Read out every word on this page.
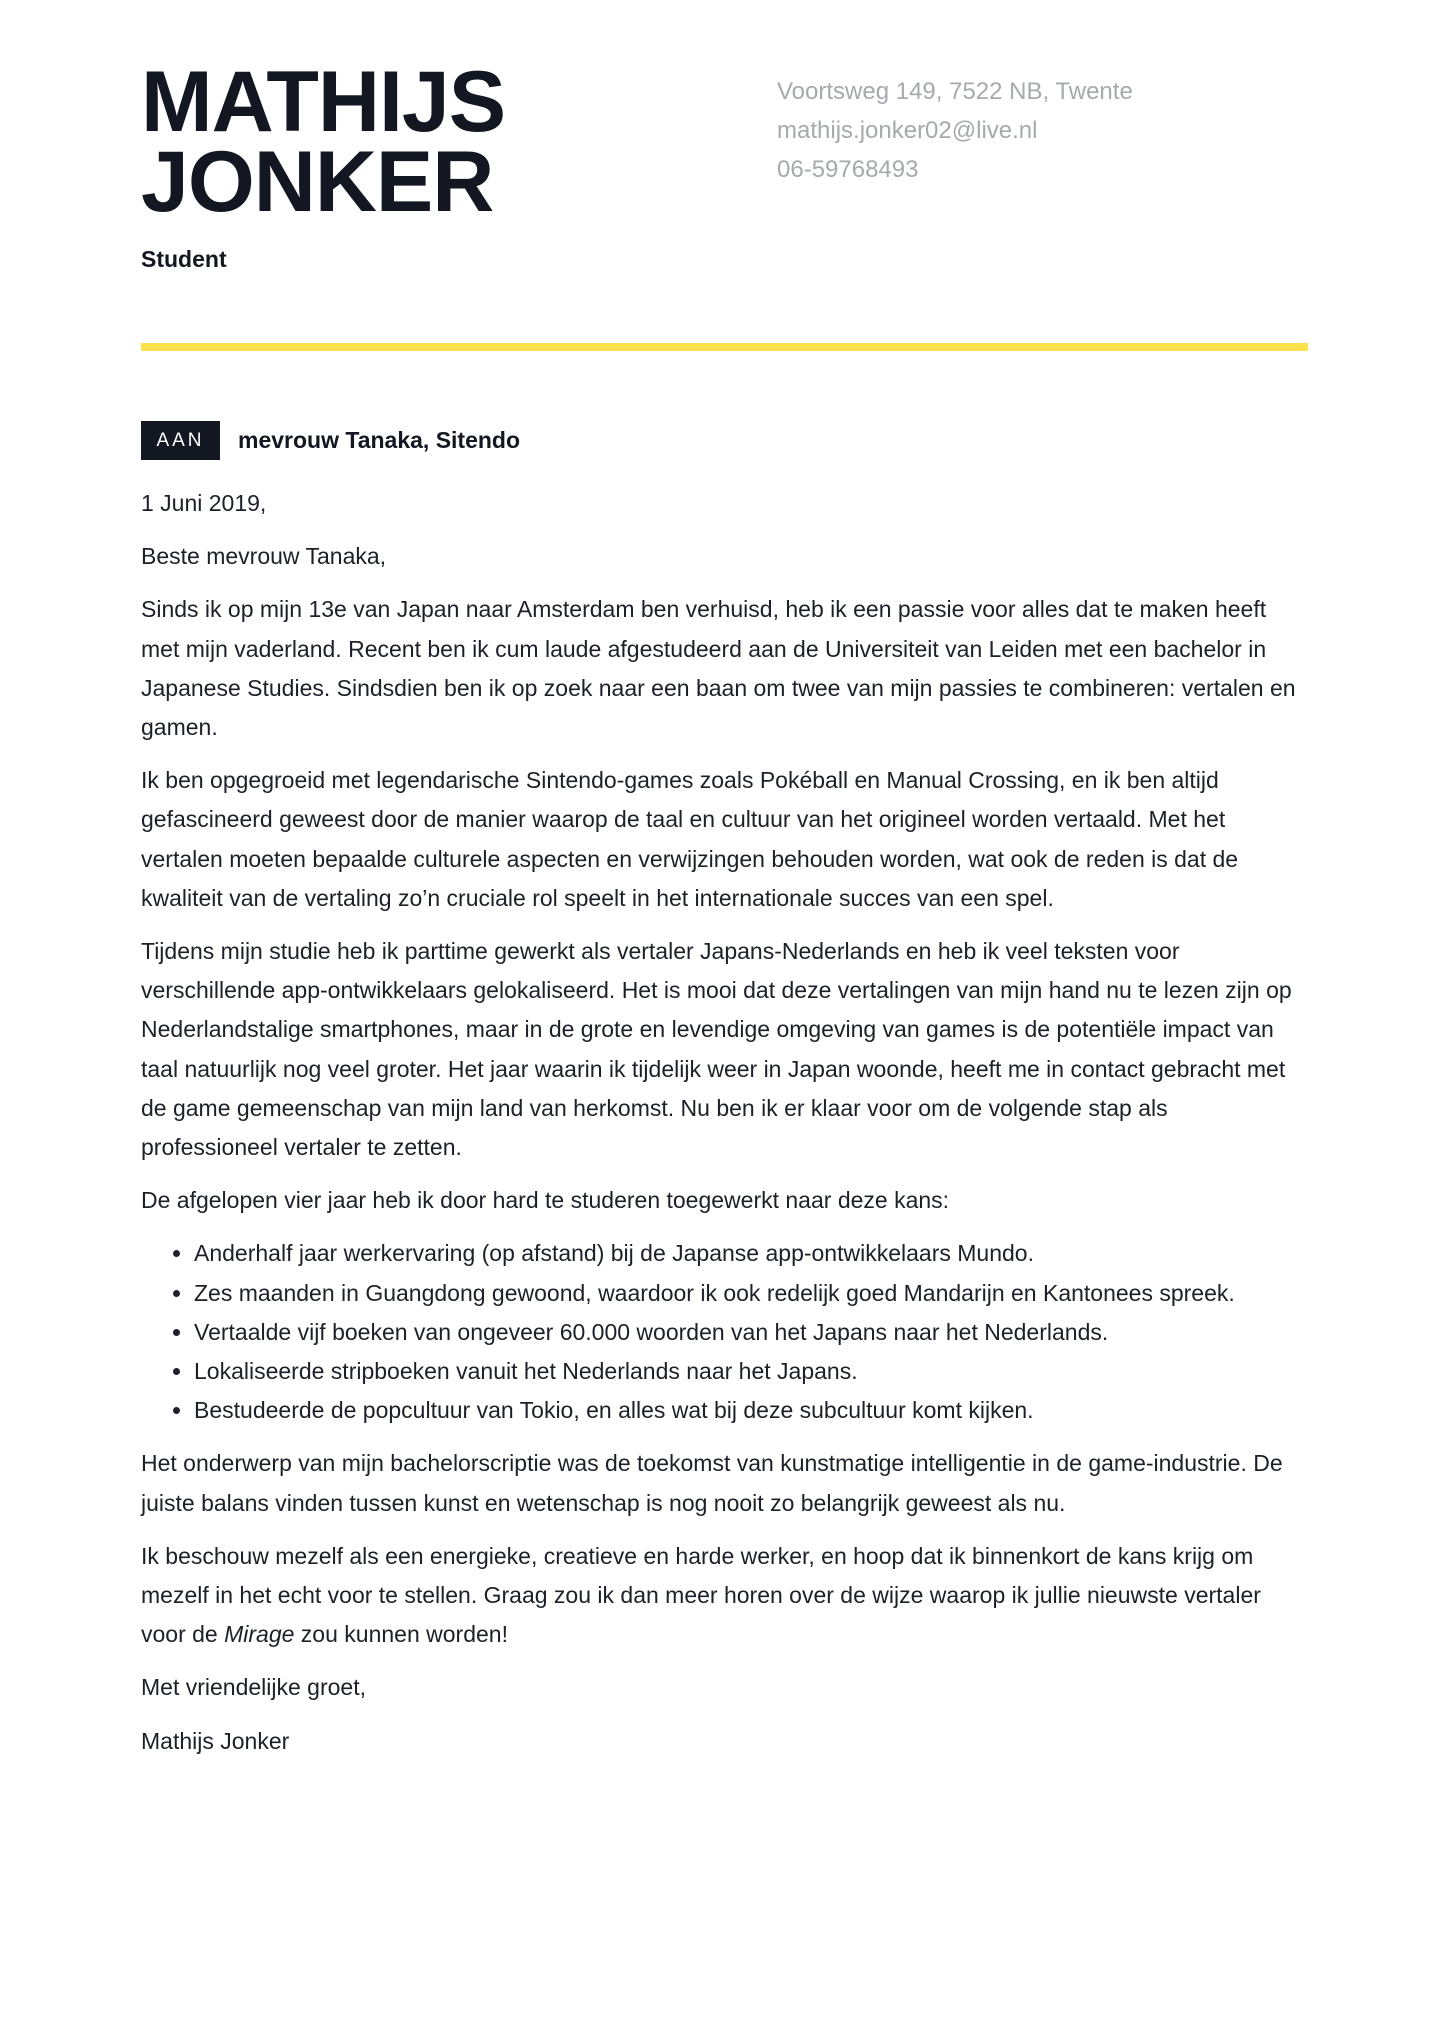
MATHIJS
JONKER
Student
Voortsweg 149, 7522 NB, Twente
mathijs.jonker02@live.nl
06-59768493
AAN	mevrouw Tanaka, Sitendo

1 Juni 2019,

Beste mevrouw Tanaka,

Sinds ik op mijn 13e van Japan naar Amsterdam ben verhuisd, heb ik een passie voor alles dat te maken heeft met mijn vaderland. Recent ben ik cum laude afgestudeerd aan de Universiteit van Leiden met een bachelor in Japanese Studies. Sindsdien ben ik op zoek naar een baan om twee van mijn passies te combineren: vertalen en gamen.

Ik ben opgegroeid met legendarische Sintendo-games zoals Pokéball en Manual Crossing, en ik ben altijd gefascineerd geweest door de manier waarop de taal en cultuur van het origineel worden vertaald. Met het vertalen moeten bepaalde culturele aspecten en verwijzingen behouden worden, wat ook de reden is dat de kwaliteit van de vertaling zo’n cruciale rol speelt in het internationale succes van een spel.

Tijdens mijn studie heb ik parttime gewerkt als vertaler Japans-Nederlands en heb ik veel teksten voor verschillende app-ontwikkelaars gelokaliseerd. Het is mooi dat deze vertalingen van mijn hand nu te lezen zijn op Nederlandstalige smartphones, maar in de grote en levendige omgeving van games is de potentiële impact van taal natuurlijk nog veel groter. Het jaar waarin ik tijdelijk weer in Japan woonde, heeft me in contact gebracht met de game gemeenschap van mijn land van herkomst. Nu ben ik er klaar voor om de volgende stap als professioneel vertaler te zetten.

De afgelopen vier jaar heb ik door hard te studeren toegewerkt naar deze kans:

• Anderhalf jaar werkervaring (op afstand) bij de Japanse app-ontwikkelaars Mundo.
• Zes maanden in Guangdong gewoond, waardoor ik ook redelijk goed Mandarijn en Kantonees spreek.
• Vertaalde vijf boeken van ongeveer 60.000 woorden van het Japans naar het Nederlands.
• Lokaliseerde stripboeken vanuit het Nederlands naar het Japans.
• Bestudeerde de popcultuur van Tokio, en alles wat bij deze subcultuur komt kijken.

Het onderwerp van mijn bachelorscriptie was de toekomst van kunstmatige intelligentie in de game-industrie. De juiste balans vinden tussen kunst en wetenschap is nog nooit zo belangrijk geweest als nu.

Ik beschouw mezelf als een energieke, creatieve en harde werker, en hoop dat ik binnenkort de kans krijg om mezelf in het echt voor te stellen. Graag zou ik dan meer horen over de wijze waarop ik jullie nieuwste vertaler voor de Mirage zou kunnen worden!

Met vriendelijke groet,

Mathijs Jonker
